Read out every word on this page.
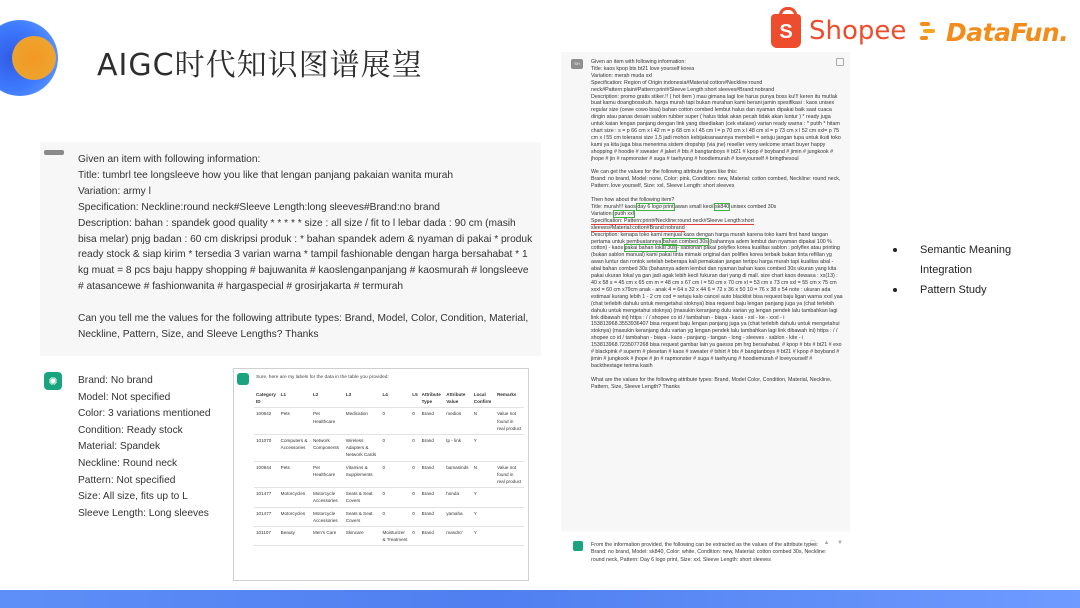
AIGC时代知识图谱展望
S Shopee DataFun.

Given an item with following information:
Title: tumbrl tee longsleeve how you like that lengan panjang pakaian wanita murah
Variation: army l
Specification: Neckline:round neck#Sleeve Length:long sleeves#Brand:no brand
Description: bahan : spandek good quality * * * * * size : all size / fit to l lebar dada : 90 cm (masih bisa melar) pnjg badan : 60 cm diskripsi produk : * bahan spandek adem & nyaman di pakai * produk ready stock & siap kirim * tersedia 3 varian warna * tampil fashionable dengan harga bersahabat * 1 kg muat = 8 pcs baju happy shopping # bajuwanita # kaoslenganpanjang # kaosmurah # longsleeve # atasancewe # fashionwanita # hargaspecial # grosirjakarta # termurah

Can you tell me the values for the following attribute types: Brand, Model, Color, Condition, Material, Neckline, Pattern, Size, and Sleeve Lengths? Thanks

✺	Brand: No brand
Model: Not specified
Color: 3 variations mentioned
Condition: Ready stock
Material: Spandek
Neckline: Round neck
Pattern: Not specified
Size: All size, fits up to L
Sleeve Length: Long sleeves
Sure, here are my labels for the data in the table you provided:
Category ID	L1	L2	L3	L4	L5	Attribute Type	Attribute Value	Local Confirm	Remarks
100642	Pets	Pet Healthcare	Medication	0	0	Brand	medion	N	Value not found in real product
101070	Computers & Accessories	Network Components	Wireless Adapters & Network Cards	0	0	Brand	tp - link	Y	
100944	Pets	Pet Healthcare	Vitamins & Supplements	0	0	Brand	bamasinds	N	Value not found in real product
101477	Motorcycles	Motorcycle Accessories	Seats & Seat Covers	0	0	Brand	honda	Y	
101477	Motorcycles	Motorcycle Accessories	Seats & Seat Covers	0	0	Brand	yamaha	Y	
101107	Beauty	Men's Care	Skincare	Moisturizer & Treatment	0	Brand	mandro'	Y	
SH	Given an item with following information:
Title: kaos kpop bts bt21 love yourself korea
Variation: merah muda xxl
Specification: Region of Origin:indonesia#Material:cotton#Neckline:round neck#Pattern:plain#Pattern:print#Sleeve Length:short sleeves#Brand:nobrand
Description: promo gratis stiker.!! ( hot item ) mau gimana lagi loe harus punya boss ku!!! keren itu mutlak buat kamu doangbosskuh. harga murah tapi bukan murahan kami berani jamin spesifikasi : kaos unisex regular size (cewe cowo bisa) bahan cotton combed lembut halus dan nyaman dipakai baik saat cuaca dingin atau panas desain sablon rubber super ( halus tidak akan pecah tidak akan luntur ) * ready juga untuk kaian lengan panjang dengan link yang disediakan (cek etalase) varian ready warna : * putih * hitam chart size : s = p 66 cm x l 42 m = p 68 cm x l 45 cm l = p 70 cm x l 48 cm xl = p 73 cm x l 52 cm xxl= p 75 cm x l 55 cm toleransi size 1,5 jadi mohon kebijaksanaannya membeli = setuju jangan tupa untuk ikuti toko kami ya kita juga bisa menerima sistem dropship (via jne) reseller verry welcome smart buyer happy shopping # hoodie # sweater # jaket # bts # bangtanboys # bt21 # kpop # boyband # jimin # jungkook # jhope # jin # rapmonster # suga # taehyung # hoodiemurah # loveyourself # bringthesoul

We can get the values for the following attribute types like this:
Brand: no brand, Model: none, Color: pink, Condition: new, Material: cotton combed, Neckline: round neck, Pattern: love yourself, Size: xxl, Sleeve Length: short sleeves

Then how about the following item?
Title: murah!!! kaos day 6 logo print awan small kecil sk840 unisex combed 30s
Variation: putih xxl
Specification: Pattern:print#Neckline:round neck#Sleeve Length:short sleeves#Material:cotton#Brand:nobrand
Description: kenapa toko kami menjual kaos dengan harga murah karena toko kami first hand tangan pertama untuk pembuatannya bahan combed 30s (bahannya adem lembut dan nyaman dipakai 100 % cotton) - kaos pakai bahan lokal 30s - sablonan pakai polyflex korea kualitas sablon : polyflex atau printing (bukan sablon manual) kami pakai tinta mimaki original dan poliflex korea terbaik bukan tinta refillan yg awan luntur dan rontok setelah beberapa kali pemakaian jangan tertipu harga murah tapi kualitas abal - abal bahan combed 30s (bahannya adem lembut dan nyaman bahan kaos combed 30s ukuran yang kita pakai ukuran lokal ya gan jadi agak lebih kecil fukuran dari yang di mall. size chart kaos dewasa : xs(13) : 40 x 58 s = 45 cm x 65 cm m = 48 cm x 67 cm l = 50 cm x 70 cm xl = 53 cm x 73 cm xxl = 55 cm x 75 cm xxxl = 60 cm x79cm anak - anak 4 = 64 x 32 x 44 6 = 72 x 36 x 50 10 = 76 x 38 x 54 note : ukuran ada estimasi kurang lebih 1 - 2 cm cod = setuju kalo cancel auto blacklist bisa request baju ligan warna xxxl yaa (chat terlebih dahulu untuk mengetahui stoknya) bisa request baju lengan panjang juga ya (chat terlebih dahulu untuk mengetahui stoknya) (masukin keranjang dulu varian yg lengan pendek lalu tambahkan lagi link dibawah ini) https : / / shopee co id / tambahan - biaya - kaos - xxl - ke - xxxl - i 153813968.3553936407 bisa request baju lengan panjang juga ya (chat terlebih dahulu untuk mengetahui stoknya) (masukin keranjang dulu varian yg lengan pendek lalu tambahkan lagi link dibawah ini) https : / / shopee co id / tambahan - biaya - kaos - panjang - tangan - long - sleeves - sablon - kite - i 153813968.7235077268 bisa request gambar lain ya gaesss pm hrg bersahabat. # kpop # bts # bt21 # exo # blackpink # superm # plesetan # kaos # sweater # tshirt # bts # bangtanboys # bt21 # kpop # boyband # jimin # jungkook # jhope # jin # rapmonster # suga # taehyung # hoodiemurah # loveyourself # backthestage terima kasih

What are the values for the following attribute types: Brand, Model Color, Condition, Material, Neckline, Pattern, Size, Sleeve Length? Thanks

▢ ▲ ▼
From the information provided, the following can be extracted as the values of the attribute types:
Brand: no brand, Model: sk840, Color: white, Condition: new, Material: cotton combed 30s, Neckline: round neck, Pattern: Day 6 logo print, Size: xxl, Sleeve Length: short sleeves
Semantic Meaning
Integration
Pattern Study
